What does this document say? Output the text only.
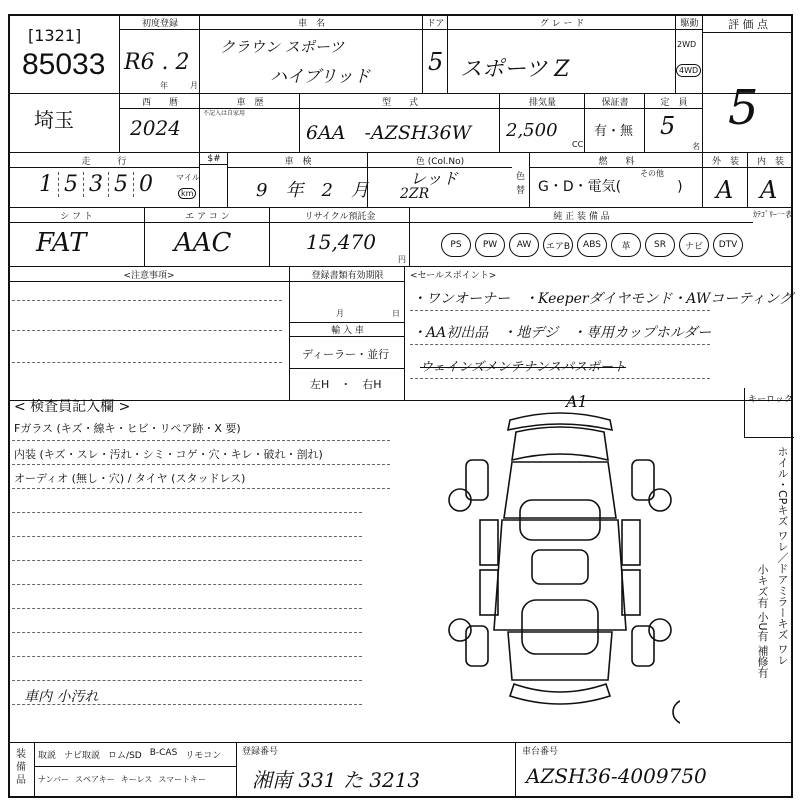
[1321]
85033
初度登録
R6 . 2
年	月
車　名
クラウン スポーツ
ハイブリッド
ドア
5
グ レ ー ド
スポーツ Z
駆動
2WD
4WD
評 価 点
埼玉
西　　暦
2024
車　歴
不記入は自家用
型　　式
6AA　-AZSH36W
排気量
2,500
CC
保証書
有・無
定　員
5
名
5
走　　　行
1 5 3 5 0	マイル
km
$#	車　検
9　年　2　月
色 (Col.No)
レッド
2ZR
色替
燃　　料
その他
G・D・電気(　　　　)
外　装
A
内　装
A
シ フ ト
FAT
エ ア コ ン
AAC
リサイクル預託金
15,470
円
純 正 装 備 品	ｶﾃｺﾞﾘｰ一表
PS	PW	AW	エアB	ABS	革	SR	ナビ	DTV
<注意事項>	登録書類有効期限
月	日
輸 入 車
ディーラー・並行
左H　・　右H
<セールスポイント>
・ワンオーナー　・Keeperダイヤモンド・AWコーティング
・AA初出品　・地デジ　・専用カップホルダー
ウェインズメンテナンスパスポート
< 検査員記入欄 >
Fガラス (キズ・線キ・ヒビ・リペア跡・X 要)
内装 (キズ・スレ・汚れ・シミ・コゲ・穴・キレ・破れ・剖れ)
オーディオ (無し・穴) / タイヤ (スタッドレス)
車内 小汚れ
A1	キーロック
ホイル・CPキズ ワレ／ドアミラーキズ ワレ
小キズ有 小U有 補修有
装備品
取説 ナビ取説 ロム/SD B-CAS リモコン
ナンバー スペアキー キーレス スマートキー
登録番号
湘南 331 た 3213
車台番号
AZSH36-4009750
